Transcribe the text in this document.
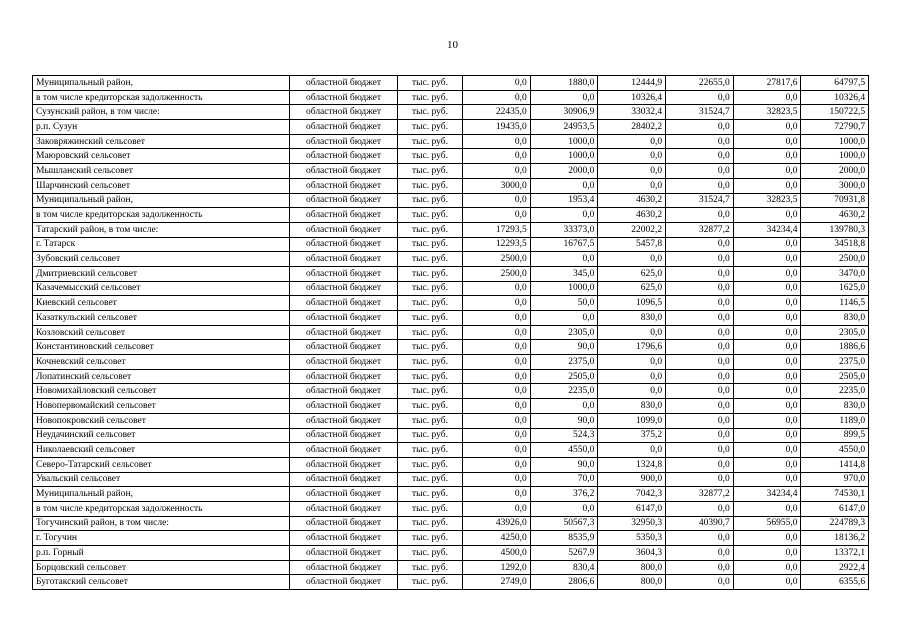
10
Муниципальный район,	областной бюджет	тыс. руб.	0,0	1880,0	12444,9	22655,0	27817,6	64797,5
в том числе кредиторская задолженность	областной бюджет	тыс. руб.	0,0	0,0	10326,4	0,0	0,0	10326,4
Сузунский район, в том числе:	областной бюджет	тыс. руб.	22435,0	30906,9	33032,4	31524,7	32823,5	150722,5
р.п. Сузун	областной бюджет	тыс. руб.	19435,0	24953,5	28402,2	0,0	0,0	72790,7
Заковряжинский сельсовет	областной бюджет	тыс. руб.	0,0	1000,0	0,0	0,0	0,0	1000,0
Маюровский сельсовет	областной бюджет	тыс. руб.	0,0	1000,0	0,0	0,0	0,0	1000,0
Мышланский сельсовет	областной бюджет	тыс. руб.	0,0	2000,0	0,0	0,0	0,0	2000,0
Шарчинский сельсовет	областной бюджет	тыс. руб.	3000,0	0,0	0,0	0,0	0,0	3000,0
Муниципальный район,	областной бюджет	тыс. руб.	0,0	1953,4	4630,2	31524,7	32823,5	70931,8
в том числе кредиторская задолженность	областной бюджет	тыс. руб.	0,0	0,0	4630,2	0,0	0,0	4630,2
Татарский район, в том числе:	областной бюджет	тыс. руб.	17293,5	33373,0	22002,2	32877,2	34234,4	139780,3
г. Татарск	областной бюджет	тыс. руб.	12293,5	16767,5	5457,8	0,0	0,0	34518,8
Зубовский сельсовет	областной бюджет	тыс. руб.	2500,0	0,0	0,0	0,0	0,0	2500,0
Дмитриевский сельсовет	областной бюджет	тыс. руб.	2500,0	345,0	625,0	0,0	0,0	3470,0
Казачемысский сельсовет	областной бюджет	тыс. руб.	0,0	1000,0	625,0	0,0	0,0	1625,0
Киевский сельсовет	областной бюджет	тыс. руб.	0,0	50,0	1096,5	0,0	0,0	1146,5
Казаткульский сельсовет	областной бюджет	тыс. руб.	0,0	0,0	830,0	0,0	0,0	830,0
Козловский сельсовет	областной бюджет	тыс. руб.	0,0	2305,0	0,0	0,0	0,0	2305,0
Константиновский сельсовет	областной бюджет	тыс. руб.	0,0	90,0	1796,6	0,0	0,0	1886,6
Кочневский сельсовет	областной бюджет	тыс. руб.	0,0	2375,0	0,0	0,0	0,0	2375,0
Лопатинский сельсовет	областной бюджет	тыс. руб.	0,0	2505,0	0,0	0,0	0,0	2505,0
Новомихайловский сельсовет	областной бюджет	тыс. руб.	0,0	2235,0	0,0	0,0	0,0	2235,0
Новопервомайский сельсовет	областной бюджет	тыс. руб.	0,0	0,0	830,0	0,0	0,0	830,0
Новопокровский сельсовет	областной бюджет	тыс. руб.	0,0	90,0	1099,0	0,0	0,0	1189,0
Неудачинский сельсовет	областной бюджет	тыс. руб.	0,0	524,3	375,2	0,0	0,0	899,5
Николаевский сельсовет	областной бюджет	тыс. руб.	0,0	4550,0	0,0	0,0	0,0	4550,0
Северо-Татарский сельсовет	областной бюджет	тыс. руб.	0,0	90,0	1324,8	0,0	0,0	1414,8
Увальский сельсовет	областной бюджет	тыс. руб.	0,0	70,0	900,0	0,0	0,0	970,0
Муниципальный район,	областной бюджет	тыс. руб.	0,0	376,2	7042,3	32877,2	34234,4	74530,1
в том числе кредиторская задолженность	областной бюджет	тыс. руб.	0,0	0,0	6147,0	0,0	0,0	6147,0
Тогучинский район, в том числе:	областной бюджет	тыс. руб.	43926,0	50567,3	32950,3	40390,7	56955,0	224789,3
г. Тогучин	областной бюджет	тыс. руб.	4250,0	8535,9	5350,3	0,0	0,0	18136,2
р.п. Горный	областной бюджет	тыс. руб.	4500,0	5267,9	3604,3	0,0	0,0	13372,1
Борцовский сельсовет	областной бюджет	тыс. руб.	1292,0	830,4	800,0	0,0	0,0	2922,4
Буготакский сельсовет	областной бюджет	тыс. руб.	2749,0	2806,6	800,0	0,0	0,0	6355,6
